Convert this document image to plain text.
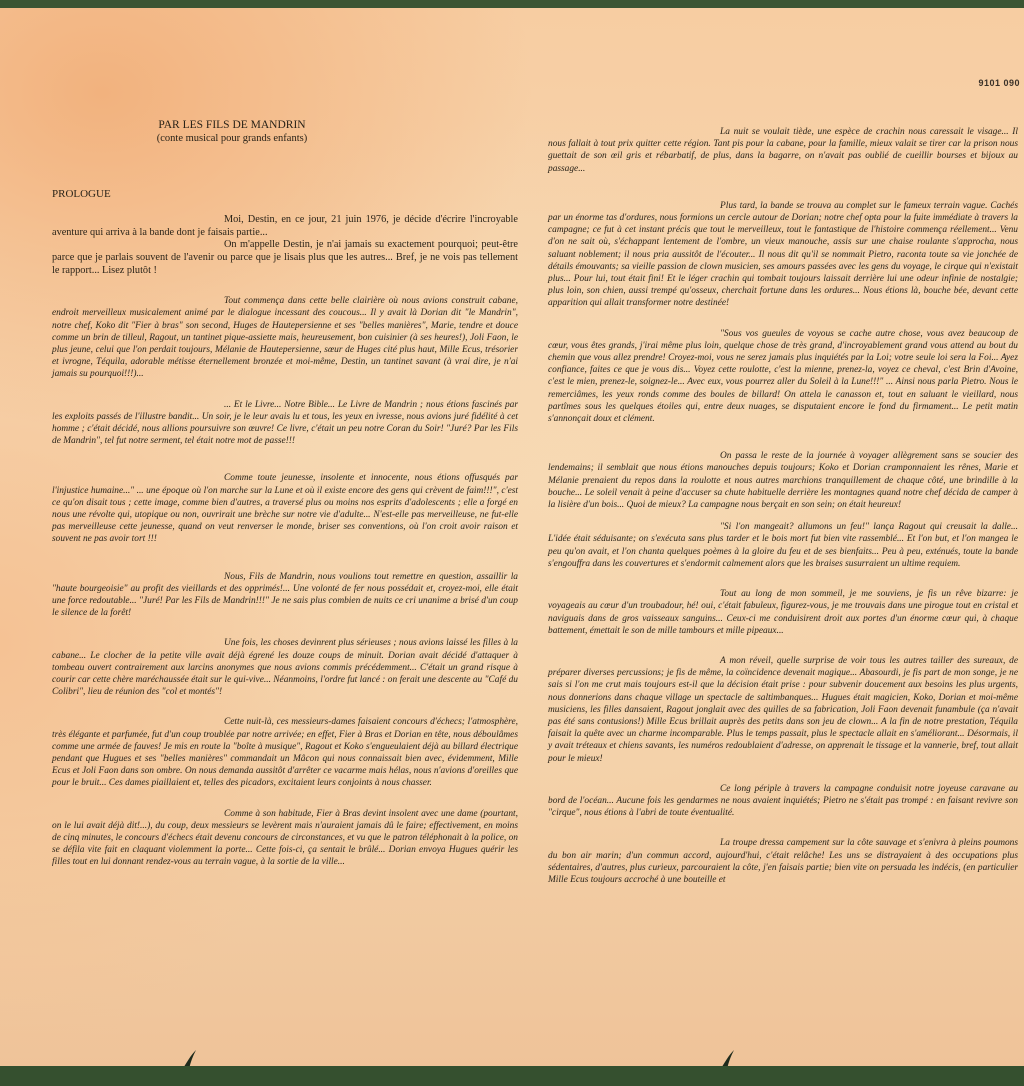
9101 090
PAR LES FILS DE MANDRIN
(conte musical pour grands enfants)
PROLOGUE

Moi, Destin, en ce jour, 21 juin 1976, je décide d'écrire l'incroyable aventure qui arriva à la bande dont je faisais partie...

On m'appelle Destin, je n'ai jamais su exactement pourquoi; peut-être parce que je parlais souvent de l'avenir ou parce que je lisais plus que les autres... Bref, je ne vois pas tellement le rapport... Lisez plutôt !

Tout commença dans cette belle clairière où nous avions construit cabane, endroit merveilleux musicalement animé par le dialogue incessant des coucous... Il y avait là Dorian dit "le Mandrin", notre chef, Koko dit "Fier à bras" son second, Huges de Hautepersienne et ses "belles manières", Marie, tendre et douce comme un brin de tilleul, Ragout, un tantinet pique-assiette mais, heureusement, bon cuisinier (à ses heures!), Joli Faon, le plus jeune, celui que l'on perdait toujours, Mélanie de Hautepersienne, sœur de Huges cité plus haut, Mille Ecus, trésorier et ivrogne, Téquila, adorable métisse éternellement bronzée et moi-même, Destin, un tantinet savant (à vrai dire, je n'ai jamais su pourquoi!!!)...

... Et le Livre... Notre Bible... Le Livre de Mandrin ; nous étions fascinés par les exploits passés de l'illustre bandit... Un soir, je le leur avais lu et tous, les yeux en ivresse, nous avions juré fidélité à cet homme ; c'était décidé, nous allions poursuivre son œuvre! Ce livre, c'était un peu notre Coran du Soir! "Juré? Par les Fils de Mandrin", tel fut notre serment, tel était notre mot de passe!!!

Comme toute jeunesse, insolente et innocente, nous étions offusqués par l'injustice humaine..." ... une époque où l'on marche sur la Lune et où il existe encore des gens qui crèvent de faim!!!", c'est ce qu'on disait tous ; cette image, comme bien d'autres, a traversé plus ou moins nos esprits d'adolescents ; elle a forgé en nous une révolte qui, utopique ou non, ouvrirait une brèche sur notre vie d'adulte... N'est-elle pas merveilleuse, ne fut-elle pas merveilleuse cette jeunesse, quand on veut renverser le monde, briser ses conventions, où l'on croit avoir raison et souvent ne pas avoir tort !!!

Nous, Fils de Mandrin, nous voulions tout remettre en question, assaillir la "haute bourgeoisie" au profit des vieillards et des opprimés!... Une volonté de fer nous possédait et, croyez-moi, elle était une force redoutable... "Juré! Par les Fils de Mandrin!!!" Je ne sais plus combien de nuits ce cri unanime a brisé d'un coup le silence de la forêt!

Une fois, les choses devinrent plus sérieuses ; nous avions laissé les filles à la cabane... Le clocher de la petite ville avait déjà égrené les douze coups de minuit. Dorian avait décidé d'attaquer à tombeau ouvert contrairement aux larcins anonymes que nous avions commis précédemment... C'était un grand risque à courir car cette chère maréchaussée était sur le qui-vive... Néanmoins, l'ordre fut lancé : on ferait une descente au "Café du Colibri", lieu de réunion des "col et montés"!

Cette nuit-là, ces messieurs-dames faisaient concours d'échecs; l'atmosphère, très élégante et parfumée, fut d'un coup troublée par notre arrivée; en effet, Fier à Bras et Dorian en tête, nous déboulâmes comme une armée de fauves! Je mis en route la "boîte à musique", Ragout et Koko s'engueulaient déjà au billard électrique pendant que Hugues et ses "belles manières" commandait un Mâcon qui nous connaissait bien avec, évidemment, Mille Ecus et Joli Faon dans son ombre. On nous demanda aussitôt d'arrêter ce vacarme mais hélas, nous n'avions d'oreilles que pour le bruit... Ces dames piaillaient et, telles des picadors, excitaient leurs conjoints à nous chasser.

Comme à son habitude, Fier à Bras devint insolent avec une dame (pourtant, on le lui avait déjà dit!...), du coup, deux messieurs se levèrent mais n'auraient jamais dû le faire; effectivement, en moins de cinq minutes, le concours d'échecs était devenu concours de circonstances, et vu que le patron téléphonait à la police, on se défila vite fait en claquant violemment la porte... Cette fois-ci, ça sentait le brûlé... Dorian envoya Hugues quérir les filles tout en lui donnant rendez-vous au terrain vague, à la sortie de la ville...

La nuit se voulait tiède, une espèce de crachin nous caressait le visage... Il nous fallait à tout prix quitter cette région. Tant pis pour la cabane, pour la famille, mieux valait se tirer car la prison nous guettait de son œil gris et rébarbatif, de plus, dans la bagarre, on n'avait pas oublié de cueillir bourses et bijoux au passage...

Plus tard, la bande se trouva au complet sur le fameux terrain vague. Cachés par un énorme tas d'ordures, nous formions un cercle autour de Dorian; notre chef opta pour la fuite immédiate à travers la campagne; ce fut à cet instant précis que tout le merveilleux, tout le fantastique de l'histoire commença réellement... Venu d'on ne sait où, s'échappant lentement de l'ombre, un vieux manouche, assis sur une chaise roulante s'approcha, nous saluant noblement; il nous pria aussitôt de l'écouter... Il nous dit qu'il se nommait Pietro, raconta toute sa vie jonchée de détails émouvants; sa vieille passion de clown musicien, ses amours passées avec les gens du voyage, le cirque qui n'existait plus... Pour lui, tout était fini! Et le léger crachin qui tombait toujours laissait derrière lui une odeur infinie de nostalgie; plus loin, son chien, aussi trempé qu'osseux, cherchait fortune dans les ordures... Nous étions là, bouche bée, devant cette apparition qui allait transformer notre destinée!

"Sous vos gueules de voyous se cache autre chose, vous avez beaucoup de cœur, vous êtes grands, j'irai même plus loin, quelque chose de très grand, d'incroyablement grand vous attend au bout du chemin que vous allez prendre! Croyez-moi, vous ne serez jamais plus inquiétés par la Loi; votre seule loi sera la Foi... Ayez confiance, faites ce que je vous dis... Voyez cette roulotte, c'est la mienne, prenez-la, voyez ce cheval, c'est Brin d'Avoine, c'est le mien, prenez-le, soignez-le... Avec eux, vous pourrez aller du Soleil à la Lune!!!" ... Ainsi nous parla Pietro. Nous le remerciâmes, les yeux ronds comme des boules de billard! On attela le canasson et, tout en saluant le vieillard, nous partîmes sous les quelques étoiles qui, entre deux nuages, se disputaient encore le fond du firmament... Le petit matin s'annonçait doux et clément.

On passa le reste de la journée à voyager allègrement sans se soucier des lendemains; il semblait que nous étions manouches depuis toujours; Koko et Dorian cramponnaient les rênes, Marie et Mélanie prenaient du repos dans la roulotte et nous autres marchions tranquillement de chaque côté, une brindille à la bouche... Le soleil venait à peine d'accuser sa chute habituelle derrière les montagnes quand notre chef décida de camper à la lisière d'un bois... Quoi de mieux? La campagne nous berçait en son sein; on était heureux!

"Si l'on mangeait? allumons un feu!" lança Ragout qui creusait la dalle... L'idée était séduisante; on s'exécuta sans plus tarder et le bois mort fut bien vite rassemblé... Et l'on but, et l'on mangea le peu qu'on avait, et l'on chanta quelques poèmes à la gloire du feu et de ses bienfaits... Peu à peu, exténués, toute la bande s'engouffra dans les couvertures et s'endormit calmement alors que les braises susurraient un ultime requiem.

Tout au long de mon sommeil, je me souviens, je fis un rêve bizarre: je voyageais au cœur d'un troubadour, hé! oui, c'était fabuleux, figurez-vous, je me trouvais dans une pirogue tout en cristal et naviguais dans de gros vaisseaux sanguins... Ceux-ci me conduisirent droit aux portes d'un énorme cœur qui, à chaque battement, émettait le son de mille tambours et mille pipeaux...

A mon réveil, quelle surprise de voir tous les autres tailler des sureaux, de préparer diverses percussions; je fis de même, la coïncidence devenait magique... Abasourdi, je fis part de mon songe, je ne sais si l'on me crut mais toujours est-il que la décision était prise : pour subvenir doucement aux besoins les plus urgents, nous donnerions dans chaque village un spectacle de saltimbanques... Hugues était magicien, Koko, Dorian et moi-même musiciens, les filles dansaient, Ragout jonglait avec des quilles de sa fabrication, Joli Faon devenait funambule (ça n'avait pas été sans contusions!) Mille Ecus brillait auprès des petits dans son jeu de clown... A la fin de notre prestation, Téquila faisait la quête avec un charme incomparable. Plus le temps passait, plus le spectacle allait en s'améliorant... Désormais, il y avait tréteaux et chiens savants, les numéros redoublaient d'adresse, on apprenait le tissage et la vannerie, bref, tout allait pour le mieux!

Ce long périple à travers la campagne conduisit notre joyeuse caravane au bord de l'océan... Aucune fois les gendarmes ne nous avaient inquiétés; Pietro ne s'était pas trompé : en faisant revivre son "cirque", nous étions à l'abri de toute éventualité.

La troupe dressa campement sur la côte sauvage et s'enivra à pleins poumons du bon air marin; d'un commun accord, aujourd'hui, c'était relâche! Les uns se distrayaient à des occupations plus sédentaires, d'autres, plus curieux, parcouraient la côte, j'en faisais partie; bien vite on persuada les indécis, (en particulier Mille Ecus toujours accroché à une bouteille et
